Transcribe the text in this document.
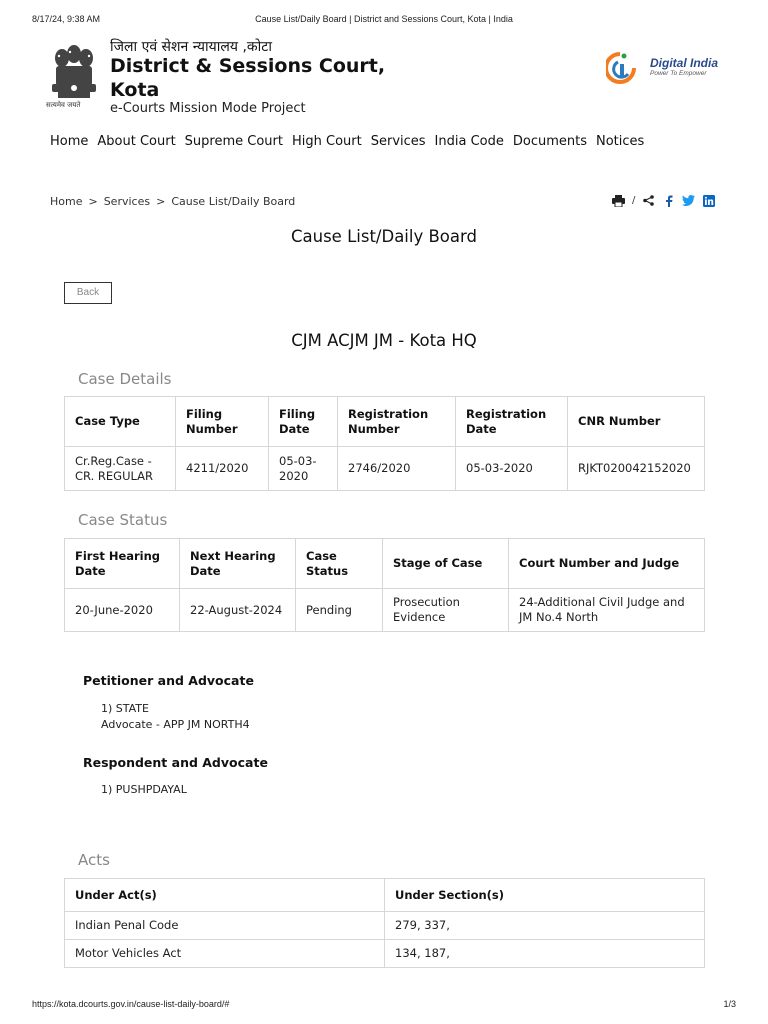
8/17/24, 9:38 AM	Cause List/Daily Board | District and Sessions Court, Kota | India
सत्यमेव जयते
जिला एवं सेशन न्यायालय ,कोटा
District & Sessions Court, Kota
e-Courts Mission Mode Project
Digital India
Power To Empower
Home About Court Supreme Court High Court Services India Code Documents Notices
Home > Services > Cause List/Daily Board	/
Cause List/Daily Board
Back
CJM ACJM JM - Kota HQ
Case Details
Case Type	Filing Number	Filing Date	Registration Number	Registration Date	CNR Number
Cr.Reg.Case - CR. REGULAR	4211/2020	05-03-2020	2746/2020	05-03-2020	RJKT020042152020
Case Status
First Hearing Date	Next Hearing Date	Case Status	Stage of Case	Court Number and Judge
20-June-2020	22-August-2024	Pending	Prosecution Evidence	24-Additional Civil Judge and JM No.4 North
Petitioner and Advocate
1) STATE
Advocate - APP JM NORTH4
Respondent and Advocate
1) PUSHPDAYAL
Acts
Under Act(s)	Under Section(s)
Indian Penal Code	279, 337,
Motor Vehicles Act	134, 187,
https://kota.dcourts.gov.in/cause-list-daily-board/#	1/3
